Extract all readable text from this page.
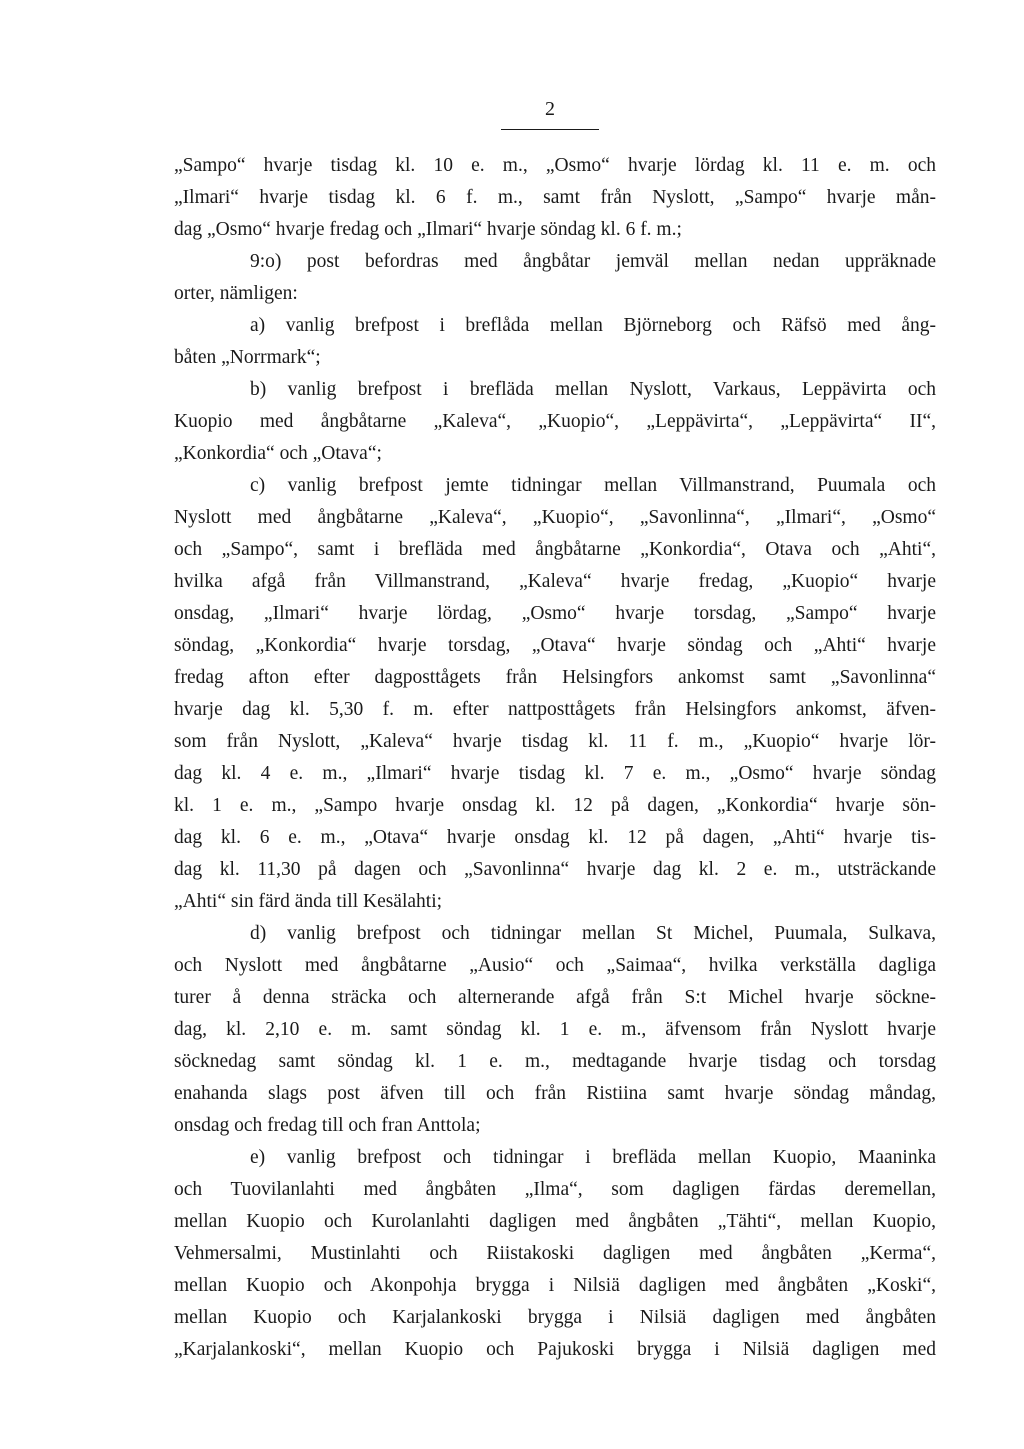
2
„Sampo“ hvarje tisdag kl. 10 e. m., „Osmo“ hvarje lördag kl. 11 e. m. och
„Ilmari“ hvarje tisdag kl. 6 f. m., samt från Nyslott, „Sampo“ hvarje mån-
dag „Osmo“ hvarje fredag och „Ilmari“ hvarje söndag kl. 6 f. m.;
9:o) post befordras med ångbåtar jemväl mellan nedan uppräknade
orter, nämligen:
a) vanlig brefpost i breflåda mellan Björneborg och Räfsö med ång-
båten „Norrmark“;
b) vanlig brefpost i brefläda mellan Nyslott, Varkaus, Leppävirta och
Kuopio med ångbåtarne „Kaleva“, „Kuopio“, „Leppävirta“, „Leppävirta“ II“,
„Konkordia“ och „Otava“;
c) vanlig brefpost jemte tidningar mellan Villmanstrand, Puumala och
Nyslott med ångbåtarne „Kaleva“, „Kuopio“, „Savonlinna“, „Ilmari“, „Osmo“
och „Sampo“, samt i brefläda med ångbåtarne „Konkordia“, Otava och „Ahti“,
hvilka afgå från Villmanstrand, „Kaleva“ hvarje fredag, „Kuopio“ hvarje
onsdag, „Ilmari“ hvarje lördag, „Osmo“ hvarje torsdag, „Sampo“ hvarje
söndag, „Konkordia“ hvarje torsdag, „Otava“ hvarje söndag och „Ahti“ hvarje
fredag afton efter dagposttågets från Helsingfors ankomst samt „Savonlinna“
hvarje dag kl. 5,30 f. m. efter nattposttågets från Helsingfors ankomst, äfven-
som från Nyslott, „Kaleva“ hvarje tisdag kl. 11 f. m., „Kuopio“ hvarje lör-
dag kl. 4 e. m., „Ilmari“ hvarje tisdag kl. 7 e. m., „Osmo“ hvarje söndag
kl. 1 e. m., „Sampo hvarje onsdag kl. 12 på dagen, „Konkordia“ hvarje sön-
dag kl. 6 e. m., „Otava“ hvarje onsdag kl. 12 på dagen, „Ahti“ hvarje tis-
dag kl. 11,30 på dagen och „Savonlinna“ hvarje dag kl. 2 e. m., utsträckande
„Ahti“ sin färd ända till Kesälahti;
d) vanlig brefpost och tidningar mellan St Michel, Puumala, Sulkava,
och Nyslott med ångbåtarne „Ausio“ och „Saimaa“, hvilka verkställa dagliga
turer å denna sträcka och alternerande afgå från S:t Michel hvarje söckne-
dag, kl. 2,10 e. m. samt söndag kl. 1 e. m., äfvensom från Nyslott hvarje
söcknedag samt söndag kl. 1 e. m., medtagande hvarje tisdag och torsdag
enahanda slags post äfven till och från Ristiina samt hvarje söndag måndag,
onsdag och fredag till och fran Anttola;
e) vanlig brefpost och tidningar i brefläda mellan Kuopio, Maaninka
och Tuovilanlahti med ångbåten „Ilma“, som dagligen färdas deremellan,
mellan Kuopio och Kurolanlahti dagligen med ångbåten „Tähti“, mellan Kuopio,
Vehmersalmi, Mustinlahti och Riistakoski dagligen med ångbåten „Kerma“,
mellan Kuopio och Akonpohja brygga i Nilsiä dagligen med ångbåten „Koski“,
mellan Kuopio och Karjalankoski brygga i Nilsiä dagligen med ångbåten
„Karjalankoski“, mellan Kuopio och Pajukoski brygga i Nilsiä dagligen med
